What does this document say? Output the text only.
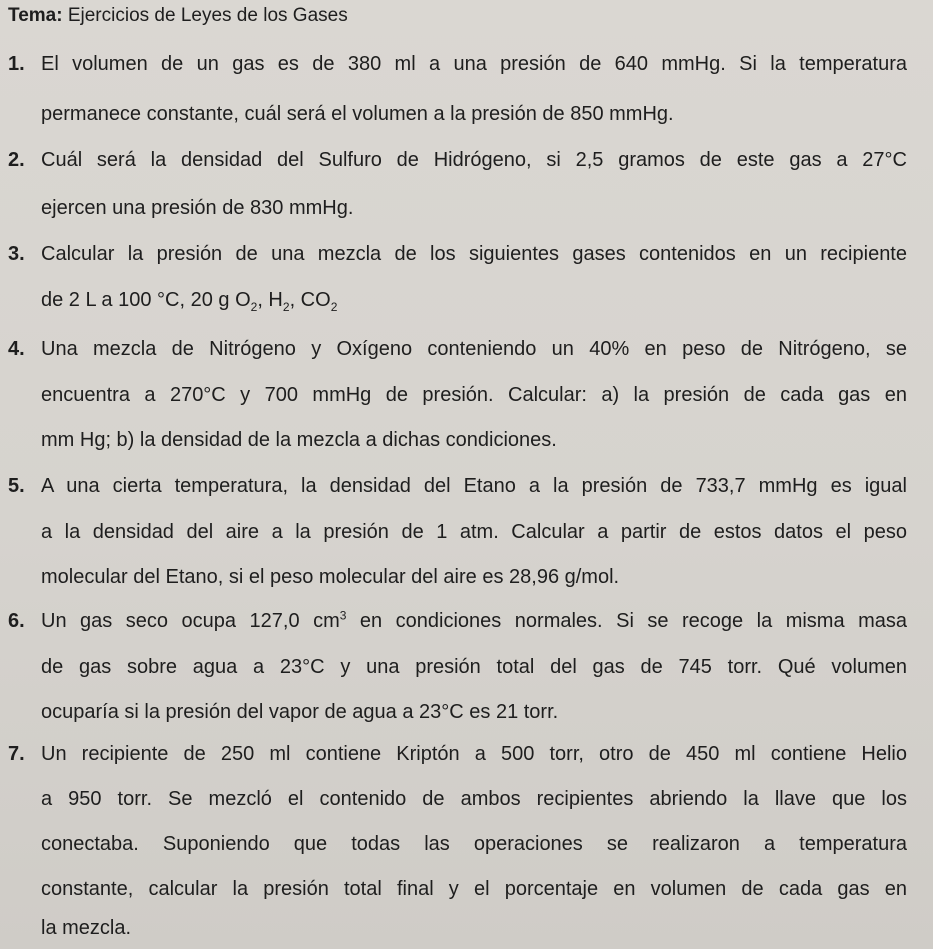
Tema: Ejercicios de Leyes de los Gases
1. El volumen de un gas es de 380 ml a una presión de 640 mmHg. Si la temperatura
permanece constante, cuál será el volumen a la presión de 850 mmHg.
2. Cuál será la densidad del Sulfuro de Hidrógeno, si 2,5 gramos de este gas a 27°C
ejercen una presión de 830 mmHg.
3. Calcular la presión de una mezcla de los siguientes gases contenidos en un recipiente
de 2 L a 100 °C, 20 g $O_2$, $H_2$, $CO_2$
4. Una mezcla de Nitrógeno y Oxígeno conteniendo un 40% en peso de Nitrógeno, se
encuentra a 270°C y 700 mmHg de presión. Calcular: a) la presión de cada gas en
mm Hg; b) la densidad de la mezcla a dichas condiciones.
5. A una cierta temperatura, la densidad del Etano a la presión de 733,7 mmHg es igual
a la densidad del aire a la presión de 1 atm. Calcular a partir de estos datos el peso
molecular del Etano, si el peso molecular del aire es 28,96 g/mol.
6. Un gas seco ocupa 127,0 $cm^3$ en condiciones normales. Si se recoge la misma masa
de gas sobre agua a 23°C y una presión total del gas de 745 torr. Qué volumen
ocuparía si la presión del vapor de agua a 23°C es 21 torr.
7. Un recipiente de 250 ml contiene Kriptón a 500 torr, otro de 450 ml contiene Helio
a 950 torr. Se mezcló el contenido de ambos recipientes abriendo la llave que los
conectaba. Suponiendo que todas las operaciones se realizaron a temperatura
constante, calcular la presión total final y el porcentaje en volumen de cada gas en
la mezcla.
